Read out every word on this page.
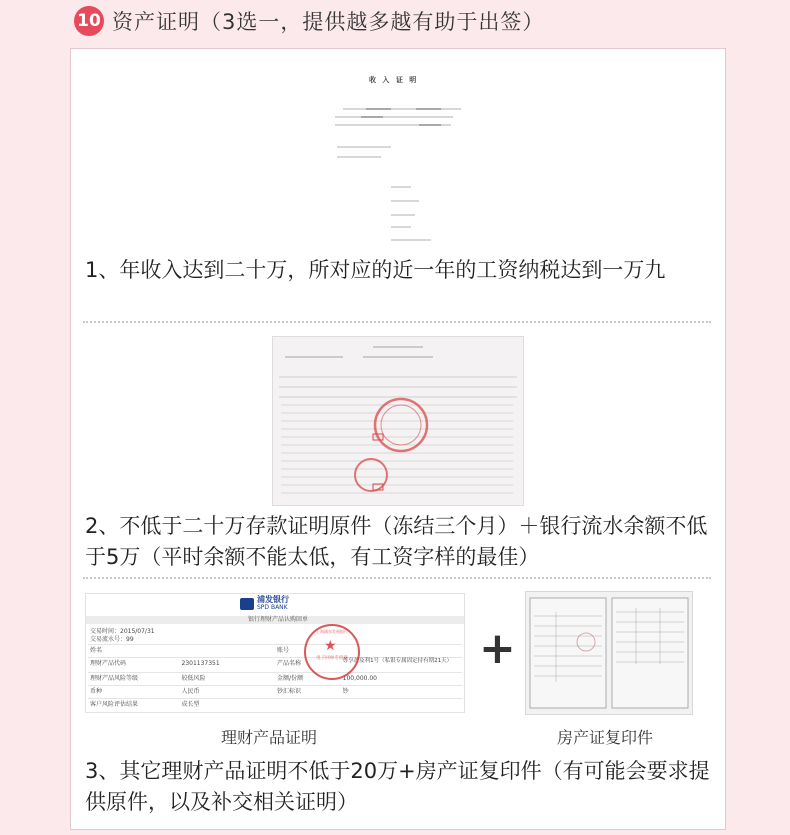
10 资产证明（3选一，提供越多越有助于出签）
收 入 证 明
1、年收入达到二十万，所对应的近一年的工资纳税达到一万九
2、不低于二十万存款证明原件（冻结三个月）＋银行流水余额不低于5万（平时余额不能太低，有工资字样的最佳）
浦发银行
SPD BANK
银行理财产品认购回单
交易时间：2015/07/31
交易流水号：99
姓名	账号
理财产品代码	2301137351	产品名称	尊享盈及利1号（私银专属固定持有期21天）
理财产品风险等级	较低风险	金额/份额	100,000.00
币种	人民币	钞汇标识	钞
客户风险评估结果	成长型
★
上海浦东发展银行
电子回单专用章	+
理财产品证明	房产证复印件
3、其它理财产品证明不低于20万+房产证复印件（有可能会要求提供原件，以及补交相关证明）
